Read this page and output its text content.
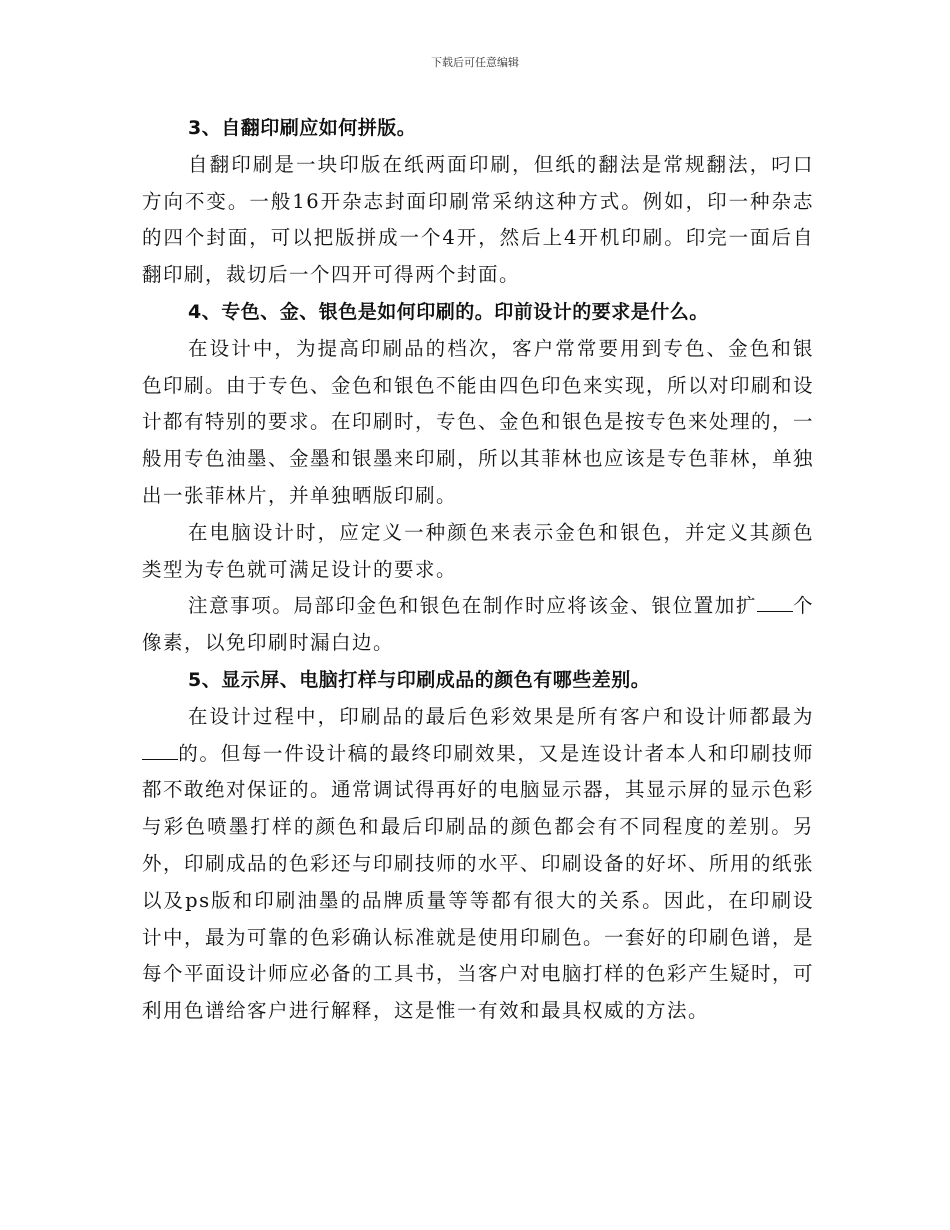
下载后可任意编辑

3、自翻印刷应如何拼版。

自翻印刷是一块印版在纸两面印刷，但纸的翻法是常规翻法，叼口方向不变。一般16开杂志封面印刷常采纳这种方式。例如，印一种杂志的四个封面，可以把版拼成一个4开，然后上4开机印刷。印完一面后自翻印刷，裁切后一个四开可得两个封面。

4、专色、金、银色是如何印刷的。印前设计的要求是什么。

在设计中，为提高印刷品的档次，客户常常要用到专色、金色和银色印刷。由于专色、金色和银色不能由四色印色来实现，所以对印刷和设计都有特别的要求。在印刷时，专色、金色和银色是按专色来处理的，一般用专色油墨、金墨和银墨来印刷，所以其菲林也应该是专色菲林，单独出一张菲林片，并单独晒版印刷。

在电脑设计时，应定义一种颜色来表示金色和银色，并定义其颜色类型为专色就可满足设计的要求。

注意事项。局部印金色和银色在制作时应将该金、银位置加扩 个像素，以免印刷时漏白边。

5、显示屏、电脑打样与印刷成品的颜色有哪些差别。

在设计过程中，印刷品的最后色彩效果是所有客户和设计师都最为的。但每一件设计稿的最终印刷效果，又是连设计者本人和印刷技师都不敢绝对保证的。通常调试得再好的电脑显示器，其显示屏的显示色彩与彩色喷墨打样的颜色和最后印刷品的颜色都会有不同程度的差别。另外，印刷成品的色彩还与印刷技师的水平、印刷设备的好坏、所用的纸张以及ps版和印刷油墨的品牌质量等等都有很大的关系。因此，在印刷设计中，最为可靠的色彩确认标准就是使用印刷色。一套好的印刷色谱，是每个平面设计师应必备的工具书，当客户对电脑打样的色彩产生疑时，可利用色谱给客户进行解释，这是惟一有效和最具权威的方法。
